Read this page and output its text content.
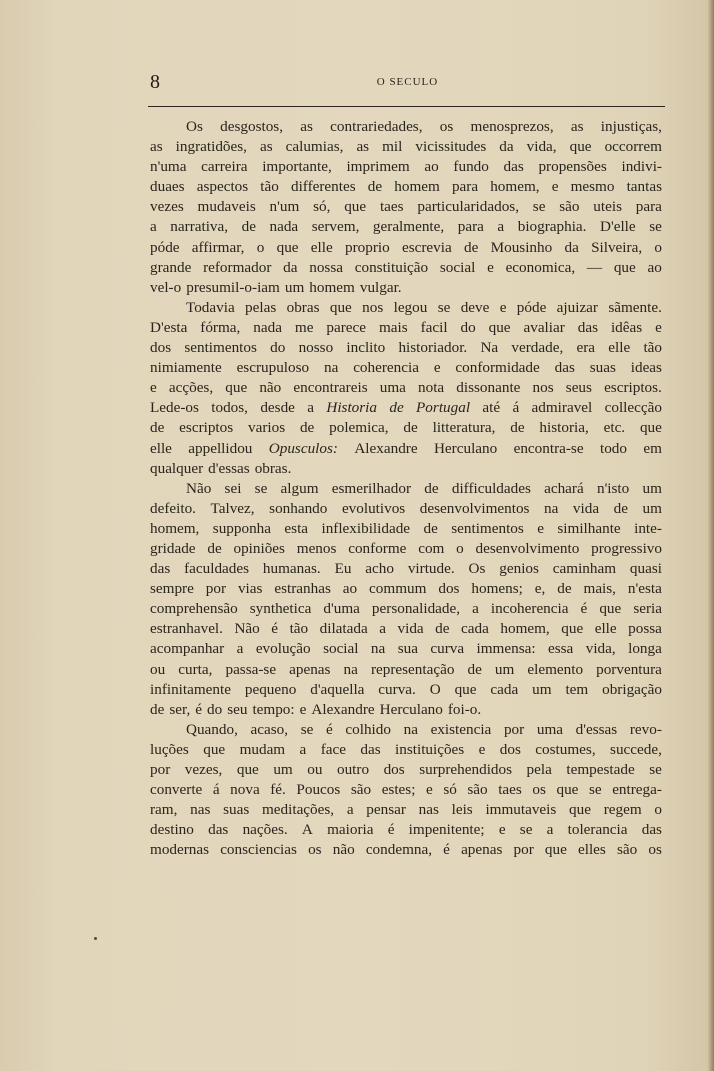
8	O SECULO
Os desgostos, as contrariedades, os menosprezos, as injustiças,
as ingratidões, as calumias, as mil vicissitudes da vida, que occorrem
n'uma carreira importante, imprimem ao fundo das propensões indivi-
duaes aspectos tão differentes de homem para homem, e mesmo tantas
vezes mudaveis n'um só, que taes particularidados, se são uteis para
a narrativa, de nada servem, geralmente, para a biographia. D'elle se
póde affirmar, o que elle proprio escrevia de Mousinho da Silveira, o
grande reformador da nossa constituição social e economica, — que ao
vel-o presumil-o-iam um homem vulgar.
Todavia pelas obras que nos legou se deve e póde ajuizar sãmente.
D'esta fórma, nada me parece mais facil do que avaliar das idêas e
dos sentimentos do nosso inclito historiador. Na verdade, era elle tão
nimiamente escrupuloso na coherencia e conformidade das suas ideas
e acções, que não encontrareis uma nota dissonante nos seus escriptos.
Lede-os todos, desde a Historia de Portugal até á admiravel collecção
de escriptos varios de polemica, de litteratura, de historia, etc. que
elle appellidou Opusculos: Alexandre Herculano encontra-se todo em
qualquer d'essas obras.
Não sei se algum esmerilhador de difficuldades achará n'isto um
defeito. Talvez, sonhando evolutivos desenvolvimentos na vida de um
homem, supponha esta inflexibilidade de sentimentos e similhante inte-
gridade de opiniões menos conforme com o desenvolvimento progressivo
das faculdades humanas. Eu acho virtude. Os genios caminham quasi
sempre por vias estranhas ao commum dos homens; e, de mais, n'esta
comprehensão synthetica d'uma personalidade, a incoherencia é que seria
estranhavel. Não é tão dilatada a vida de cada homem, que elle possa
acompanhar a evolução social na sua curva immensa: essa vida, longa
ou curta, passa-se apenas na representação de um elemento porventura
infinitamente pequeno d'aquella curva. O que cada um tem obrigação
de ser, é do seu tempo: e Alexandre Herculano foi-o.
Quando, acaso, se é colhido na existencia por uma d'essas revo-
luções que mudam a face das instituições e dos costumes, succede,
por vezes, que um ou outro dos surprehendidos pela tempestade se
converte á nova fé. Poucos são estes; e só são taes os que se entrega-
ram, nas suas meditações, a pensar nas leis immutaveis que regem o
destino das nações. A maioria é impenitente; e se a tolerancia das
modernas consciencias os não condemna, é apenas por que elles são os
